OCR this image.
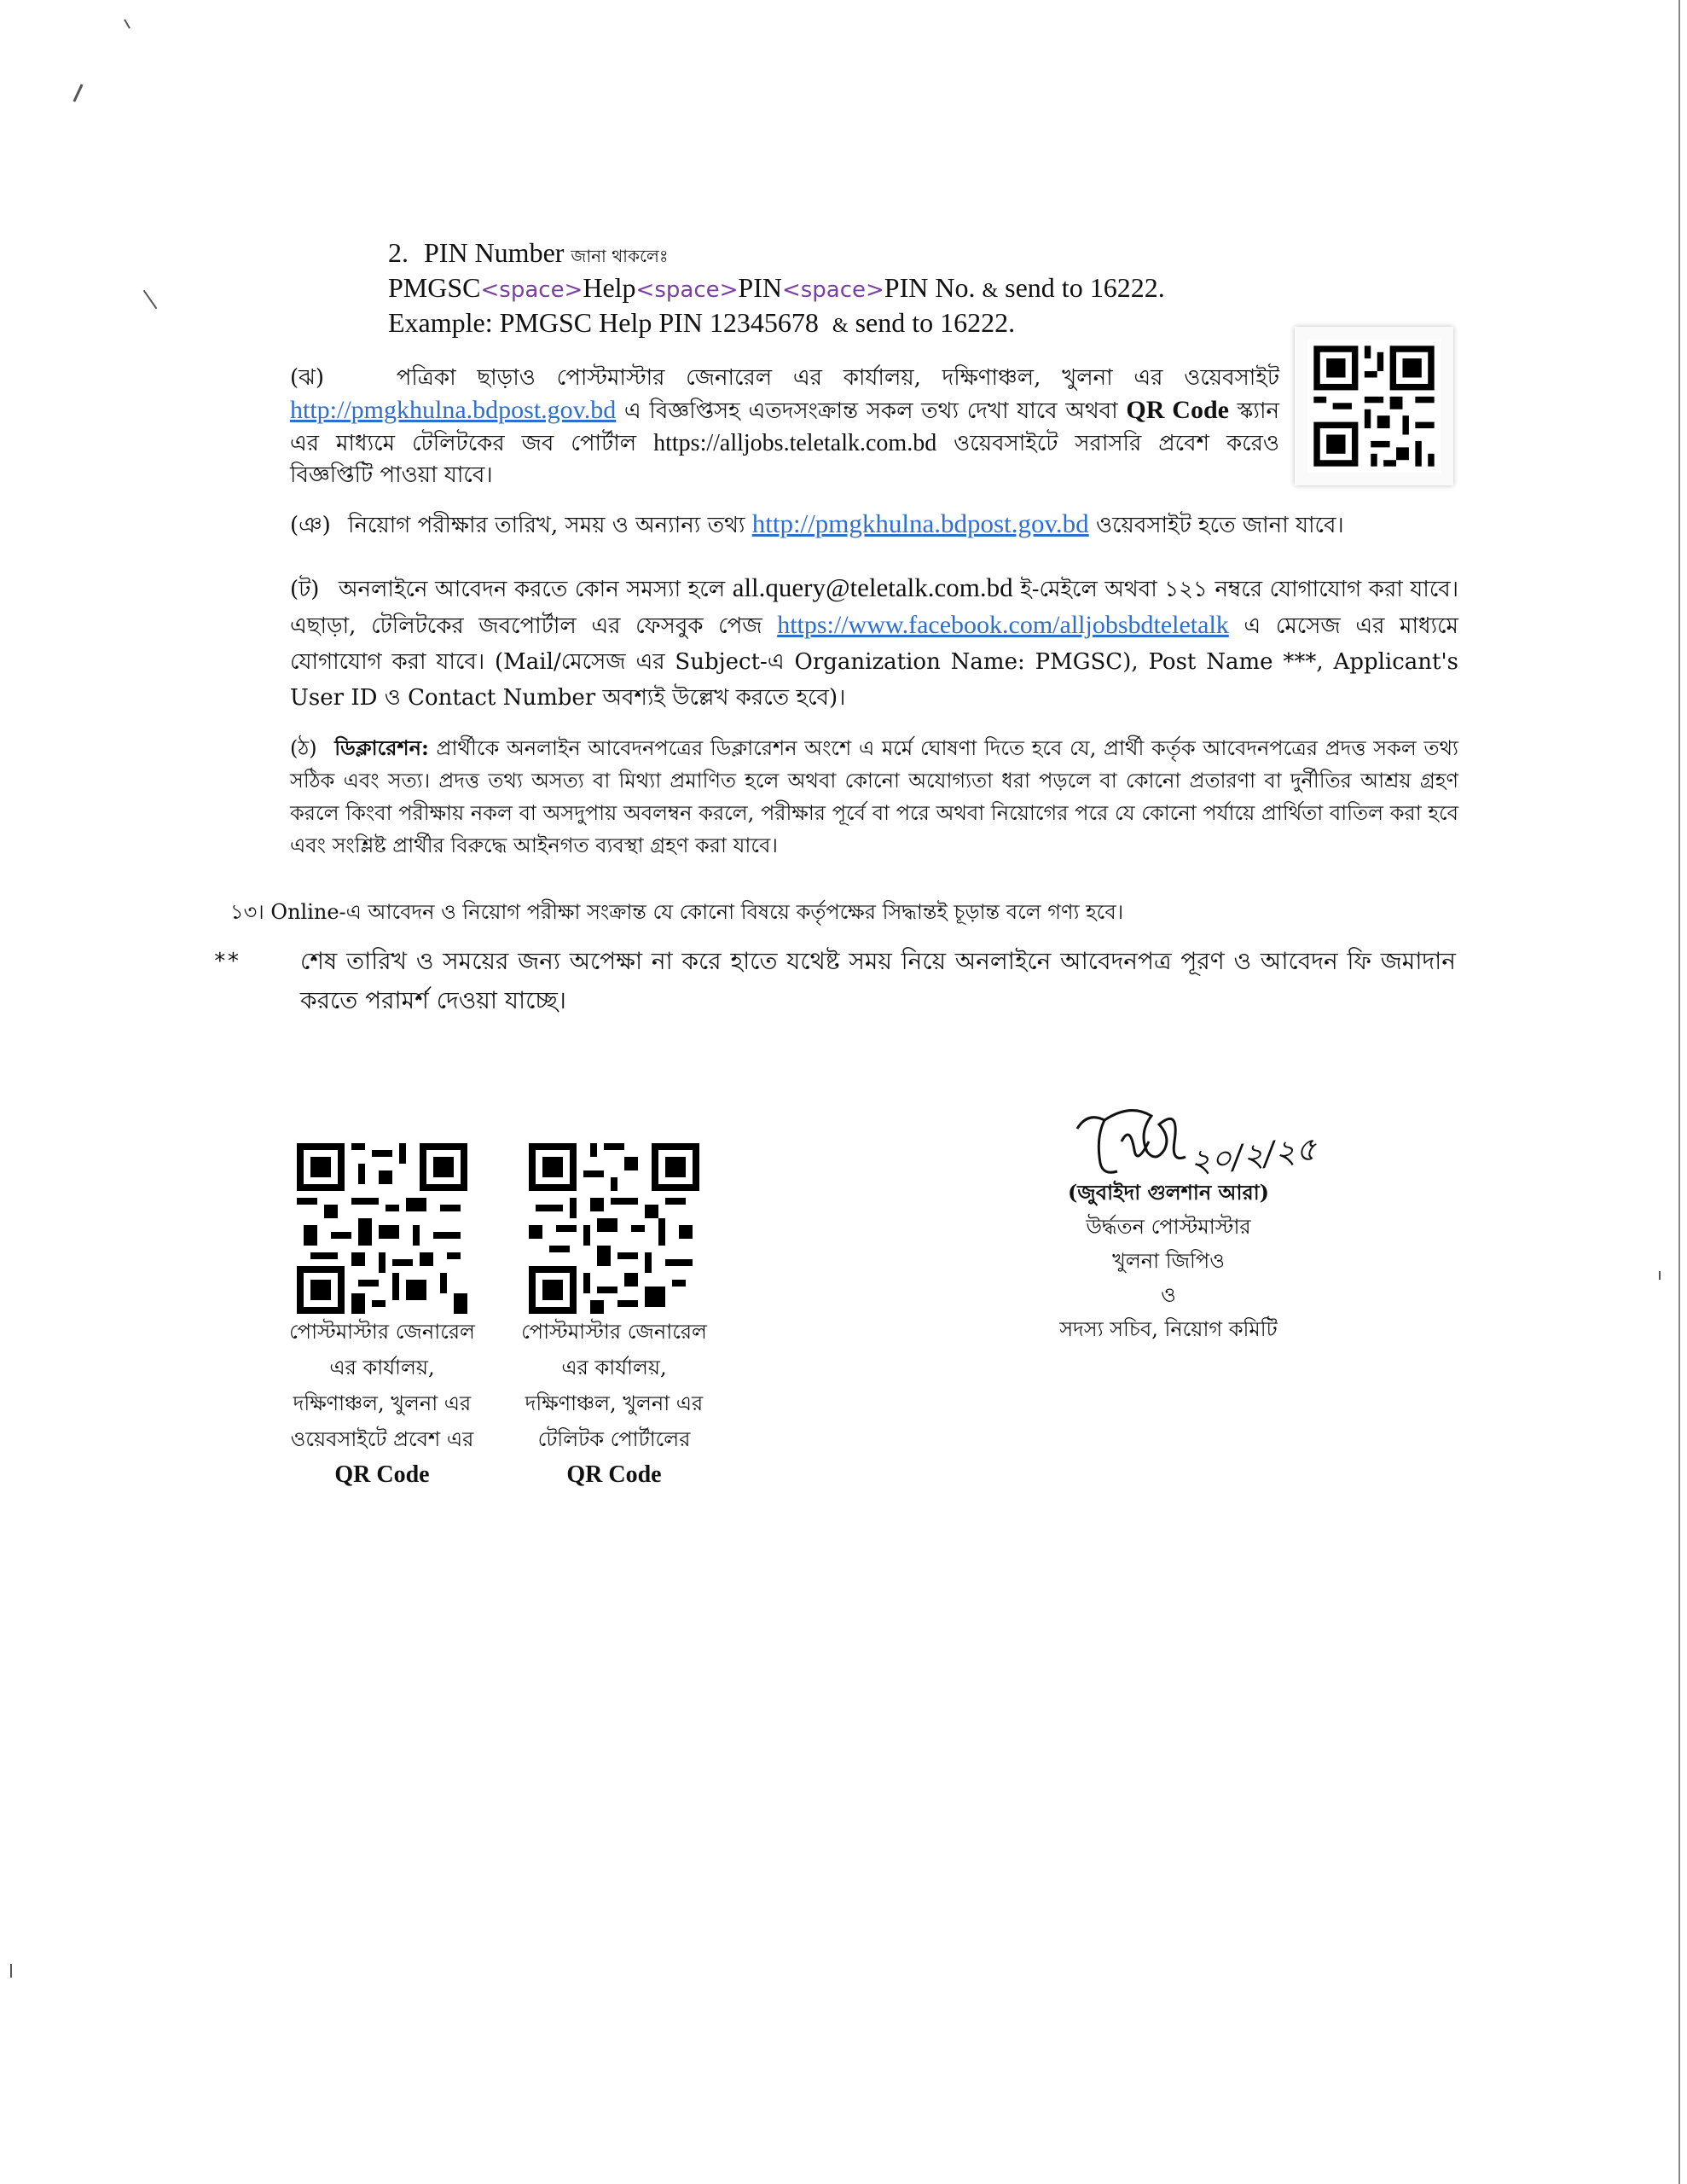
2. PIN Number জানা থাকলেঃ
PMGSC<space>Help<space>PIN<space>PIN No. & send to 16222.
Example: PMGSC Help PIN 12345678 & send to 16222.
(ঝ)	পত্রিকা ছাড়াও পোস্টমাস্টার জেনারেল এর কার্যালয়, দক্ষিণাঞ্চল, খুলনা এর ওয়েবসাইট http://pmgkhulna.bdpost.gov.bd এ বিজ্ঞপ্তিসহ এতদসংক্রান্ত সকল তথ্য দেখা যাবে অথবা QR Code স্ক্যান এর মাধ্যমে টেলিটকের জব পোর্টাল https://alljobs.teletalk.com.bd ওয়েবসাইটে সরাসরি প্রবেশ করেও বিজ্ঞপ্তিটি পাওয়া যাবে।
(ঞ) নিয়োগ পরীক্ষার তারিখ, সময় ও অন্যান্য তথ্য http://pmgkhulna.bdpost.gov.bd ওয়েবসাইট হতে জানা যাবে।
(ট) অনলাইনে আবেদন করতে কোন সমস্যা হলে all.query@teletalk.com.bd ই-মেইলে অথবা ১২১ নম্বরে যোগাযোগ করা যাবে। এছাড়া, টেলিটকের জবপোর্টাল এর ফেসবুক পেজ https://www.facebook.com/alljobsbdteletalk এ মেসেজ এর মাধ্যমে যোগাযোগ করা যাবে। (Mail/মেসেজ এর Subject-এ Organization Name: PMGSC), Post Name ***, Applicant's User ID ও Contact Number অবশ্যই উল্লেখ করতে হবে)।
(ঠ) ডিক্লারেশন: প্রার্থীকে অনলাইন আবেদনপত্রের ডিক্লারেশন অংশে এ মর্মে ঘোষণা দিতে হবে যে, প্রার্থী কর্তৃক আবেদনপত্রের প্রদত্ত সকল তথ্য সঠিক এবং সত্য। প্রদত্ত তথ্য অসত্য বা মিথ্যা প্রমাণিত হলে অথবা কোনো অযোগ্যতা ধরা পড়লে বা কোনো প্রতারণা বা দুর্নীতির আশ্রয় গ্রহণ করলে কিংবা পরীক্ষায় নকল বা অসদুপায় অবলম্বন করলে, পরীক্ষার পূর্বে বা পরে অথবা নিয়োগের পরে যে কোনো পর্যায়ে প্রার্থিতা বাতিল করা হবে এবং সংশ্লিষ্ট প্রার্থীর বিরুদ্ধে আইনগত ব্যবস্থা গ্রহণ করা যাবে।
১৩। Online-এ আবেদন ও নিয়োগ পরীক্ষা সংক্রান্ত যে কোনো বিষয়ে কর্তৃপক্ষের সিদ্ধান্তই চূড়ান্ত বলে গণ্য হবে।
**	শেষ তারিখ ও সময়ের জন্য অপেক্ষা না করে হাতে যথেষ্ট সময় নিয়ে অনলাইনে আবেদনপত্র পূরণ ও আবেদন ফি জমাদান করতে পরামর্শ দেওয়া যাচ্ছে।
২০/২/২৫
(জুবাইদা গুলশান আরা)
উর্দ্ধতন পোস্টমাস্টার
খুলনা জিপিও
ও
সদস্য সচিব, নিয়োগ কমিটি
পোস্টমাস্টার জেনারেল
এর কার্যালয়,
দক্ষিণাঞ্চল, খুলনা এর
ওয়েবসাইটে প্রবেশ এর
QR Code
পোস্টমাস্টার জেনারেল
এর কার্যালয়,
দক্ষিণাঞ্চল, খুলনা এর
টেলিটক পোর্টালের
QR Code
